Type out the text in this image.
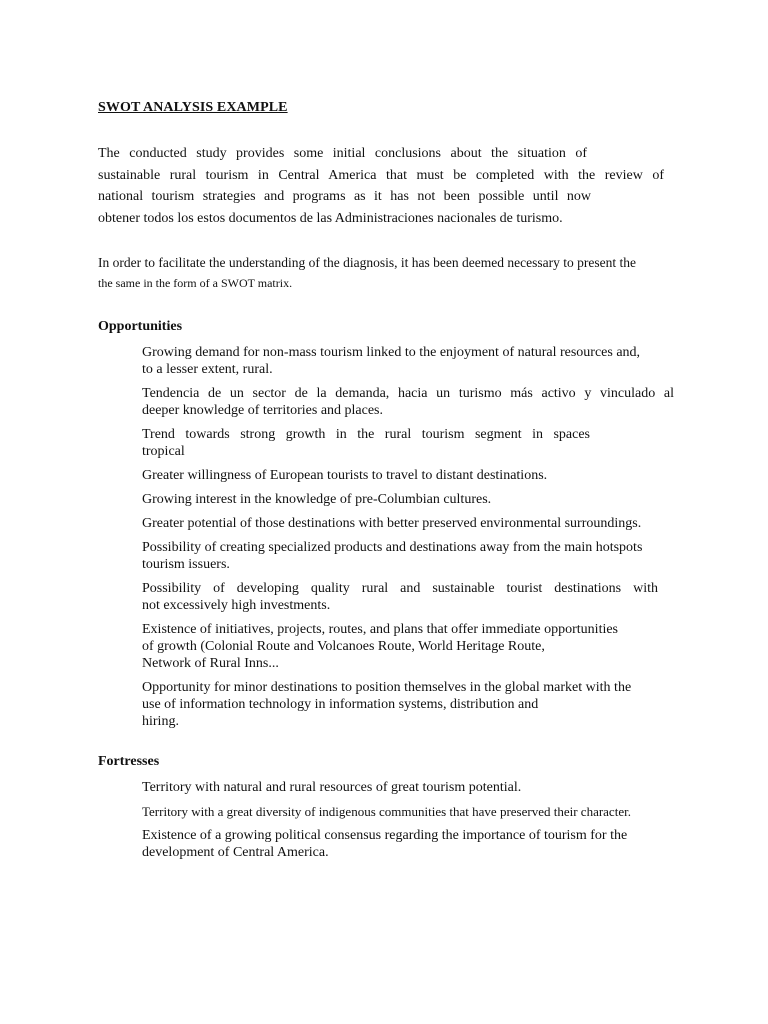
SWOT ANALYSIS EXAMPLE

The conducted study provides some initial conclusions about the situation of
sustainable rural tourism in Central America that must be completed with the review of
national tourism strategies and programs as it has not been possible until now
obtener todos los estos documentos de las Administraciones nacionales de turismo.

In order to facilitate the understanding of the diagnosis, it has been deemed necessary to present the
the same in the form of a SWOT matrix.

Opportunities
Growing demand for non-mass tourism linked to the enjoyment of natural resources and,
to a lesser extent, rural.
Tendencia de un sector de la demanda, hacia un turismo más activo y vinculado al
deeper knowledge of territories and places.
Trend towards strong growth in the rural tourism segment in spaces
tropical
Greater willingness of European tourists to travel to distant destinations.
Growing interest in the knowledge of pre-Columbian cultures.
Greater potential of those destinations with better preserved environmental surroundings.
Possibility of creating specialized products and destinations away from the main hotspots
tourism issuers.
Possibility of developing quality rural and sustainable tourist destinations with
not excessively high investments.
Existence of initiatives, projects, routes, and plans that offer immediate opportunities
of growth (Colonial Route and Volcanoes Route, World Heritage Route,
Network of Rural Inns...
Opportunity for minor destinations to position themselves in the global market with the
use of information technology in information systems, distribution and
hiring.
Fortresses
Territory with natural and rural resources of great tourism potential.
Territory with a great diversity of indigenous communities that have preserved their character.
Existence of a growing political consensus regarding the importance of tourism for the
development of Central America.
